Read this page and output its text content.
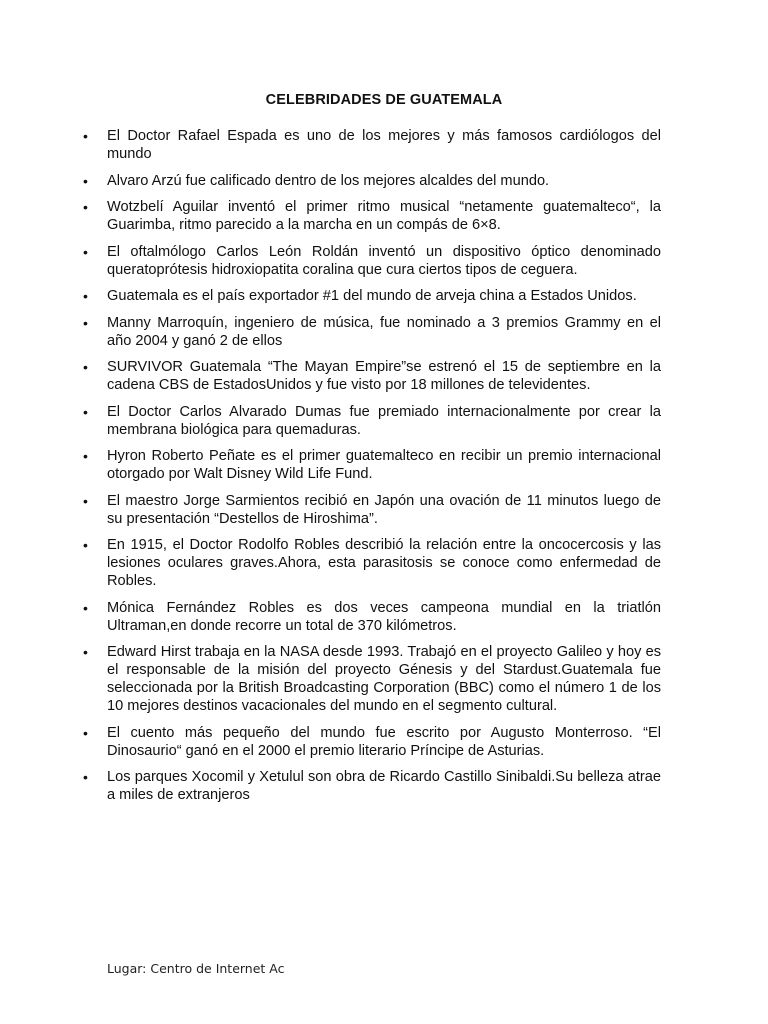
CELEBRIDADES DE GUATEMALA
• El Doctor Rafael Espada es uno de los mejores y más famosos cardiólogos del mundo
• Alvaro Arzú fue calificado dentro de los mejores alcaldes del mundo.
• Wotzbelí Aguilar inventó el primer ritmo musical “netamente guatemalteco“, la Guarimba, ritmo parecido a la marcha en un compás de 6×8.
• El oftalmólogo Carlos León Roldán inventó un dispositivo óptico denominado queratoprótesis hidroxiopatita coralina que cura ciertos tipos de ceguera.
• Guatemala es el país exportador #1 del mundo de arveja china a Estados Unidos.
• Manny Marroquín, ingeniero de música, fue nominado a 3 premios Grammy en el año 2004 y ganó 2 de ellos
• SURVIVOR Guatemala “The Mayan Empire”se estrenó el 15 de septiembre en la cadena CBS de EstadosUnidos y fue visto por 18 millones de televidentes.
• El Doctor Carlos Alvarado Dumas fue premiado internacionalmente por crear la membrana biológica para quemaduras.
• Hyron Roberto Peñate es el primer guatemalteco en recibir un premio internacional otorgado por Walt Disney Wild Life Fund.
• El maestro Jorge Sarmientos recibió en Japón una ovación de 11 minutos luego de su presentación “Destellos de Hiroshima”.
• En 1915, el Doctor Rodolfo Robles describió la relación entre la oncocercosis y las lesiones oculares graves.Ahora, esta parasitosis se conoce como enfermedad de Robles.
• Mónica Fernández Robles es dos veces campeona mundial en la triatlón Ultraman,en donde recorre un total de 370 kilómetros.
• Edward Hirst trabaja en la NASA desde 1993. Trabajó en el proyecto Galileo y hoy es el responsable de la misión del proyecto Génesis y del Stardust.Guatemala fue seleccionada por la British Broadcasting Corporation (BBC) como el número 1 de los 10 mejores destinos vacacionales del mundo en el segmento cultural.
• El cuento más pequeño del mundo fue escrito por Augusto Monterroso. “El Dinosaurio“ ganó en el 2000 el premio literario Príncipe de Asturias.
• Los parques Xocomil y Xetulul son obra de Ricardo Castillo Sinibaldi.Su belleza atrae a miles de extranjeros
Lugar: Centro de Internet Ac
